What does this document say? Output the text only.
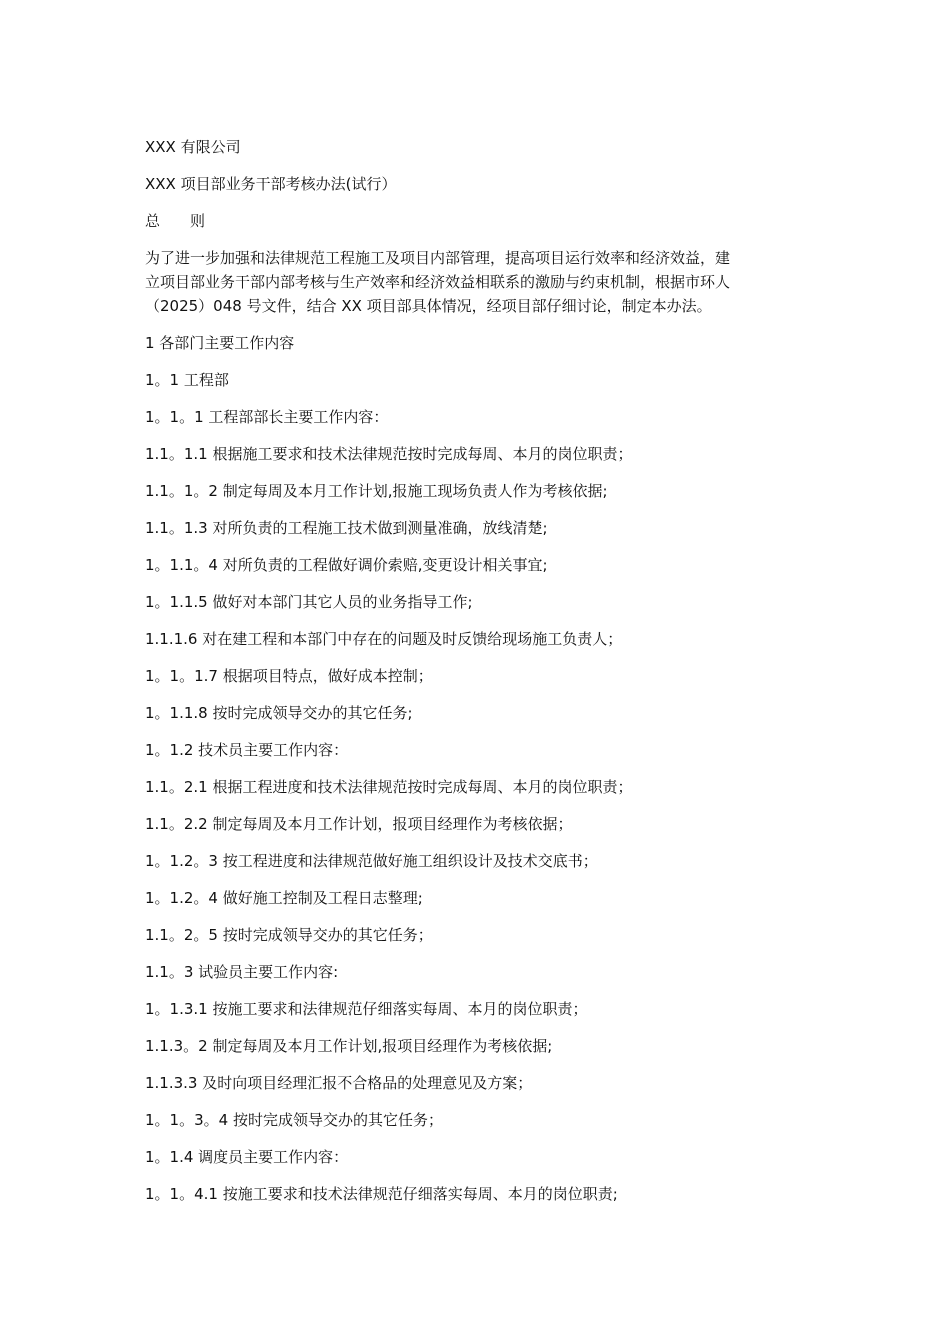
XXX 有限公司
XXX 项目部业务干部考核办法(试行）
总　　则
为了进一步加强和法律规范工程施工及项目内部管理，提高项目运行效率和经济效益，建
立项目部业务干部内部考核与生产效率和经济效益相联系的激励与约束机制，根据市环人
（2025）048 号文件，结合 XX 项目部具体情况，经项目部仔细讨论，制定本办法。
1 各部门主要工作内容
1。1 工程部
1。1。1 工程部部长主要工作内容：
1.1。1.1 根据施工要求和技术法律规范按时完成每周、本月的岗位职责；
1.1。1。2 制定每周及本月工作计划,报施工现场负责人作为考核依据;
1.1。1.3 对所负责的工程施工技术做到测量准确，放线清楚;
1。1.1。4 对所负责的工程做好调价索赔,变更设计相关事宜;
1。1.1.5 做好对本部门其它人员的业务指导工作;
1.1.1.6 对在建工程和本部门中存在的问题及时反馈给现场施工负责人；
1。1。1.7 根据项目特点，做好成本控制；
1。1.1.8 按时完成领导交办的其它任务;
1。1.2 技术员主要工作内容：
1.1。2.1 根据工程进度和技术法律规范按时完成每周、本月的岗位职责；
1.1。2.2 制定每周及本月工作计划，报项目经理作为考核依据；
1。1.2。3 按工程进度和法律规范做好施工组织设计及技术交底书；
1。1.2。4 做好施工控制及工程日志整理;
1.1。2。5 按时完成领导交办的其它任务；
1.1。3 试验员主要工作内容:
1。1.3.1 按施工要求和法律规范仔细落实每周、本月的岗位职责；
1.1.3。2 制定每周及本月工作计划,报项目经理作为考核依据;
1.1.3.3 及时向项目经理汇报不合格品的处理意见及方案；
1。1。3。4 按时完成领导交办的其它任务；
1。1.4 调度员主要工作内容：
1。1。4.1 按施工要求和技术法律规范仔细落实每周、本月的岗位职责;
